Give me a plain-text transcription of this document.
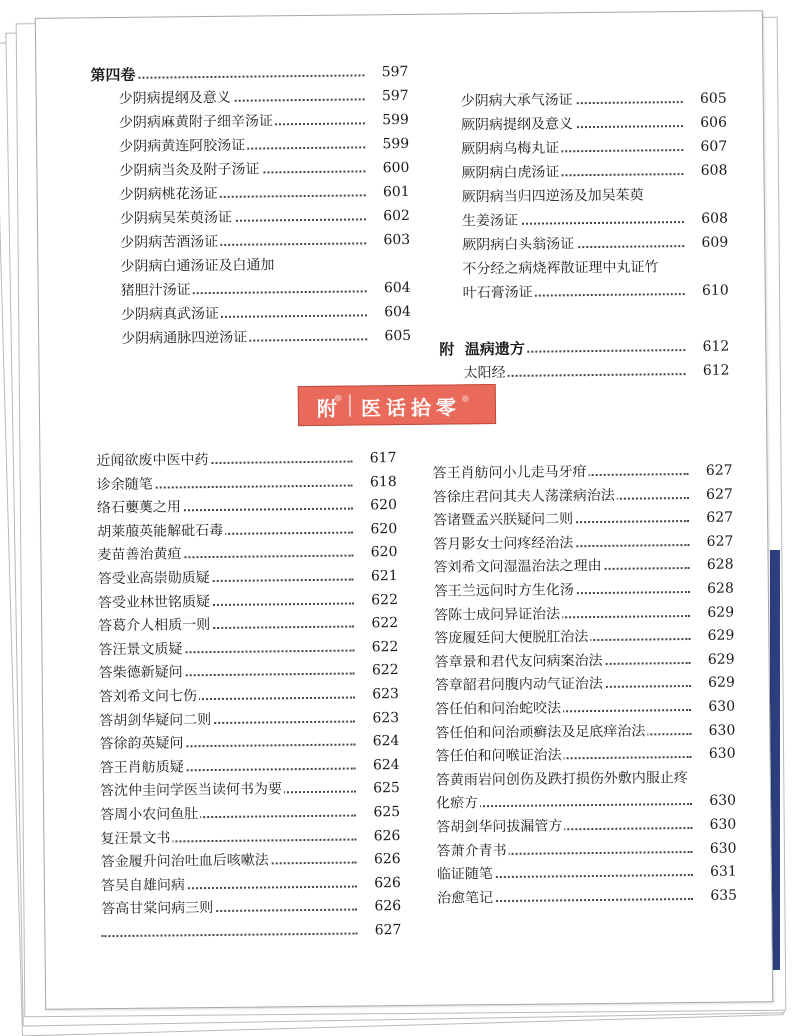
第四卷	597
少阴病提纲及意义	597
少阴病麻黄附子细辛汤证	599
少阴病黄连阿胶汤证	599
少阴病当灸及附子汤证	600
少阴病桃花汤证	601
少阴病吴茱萸汤证	602
少阴病苦酒汤证	603
少阴病白通汤证及白通加
猪胆汁汤证	604
少阴病真武汤证	604
少阴病通脉四逆汤证	605
少阴病大承气汤证	605
厥阴病提纲及意义	606
厥阴病乌梅丸证	607
厥阴病白虎汤证	608
厥阴病当归四逆汤及加吴茱萸
生姜汤证	608
厥阴病白头翁汤证	609
不分经之病烧裈散证理中丸证竹
叶石膏汤证	610
附 温病遗方	612
太阳经	612
附 医话拾零
近闻欲废中医中药	617
诊余随笔	618
络石蘡薁之用	620
胡莱菔英能解砒石毒	620
麦苗善治黄疸	620
答受业高崇勋质疑	621
答受业林世铭质疑	622
答葛介人相质一则	622
答汪景文质疑	622
答柴德新疑问	622
答刘希文问七伤	623
答胡剑华疑问二则	623
答徐韵英疑问	624
答王肖舫质疑	624
答沈仲圭问学医当读何书为要	625
答周小农问鱼肚	625
复汪景文书	626
答金履升问治吐血后咳嗽法	626
答吴自雄问病	626
答高甘棠问病三则	626
627
答王肖舫问小儿走马牙疳	627
答徐庄君问其夫人荡漾病治法	627
答诸暨孟兴朕疑问二则	627
答月影女士问疼经治法	627
答刘希文问湿温治法之理由	628
答王兰远问时方生化汤	628
答陈士成问异证治法	629
答庞履廷问大便脱肛治法	629
答章景和君代友问病案治法	629
答章韶君问腹内动气证治法	629
答任伯和问治蛇咬法	630
答任伯和问治顽癣法及足底痒治法	630
答任伯和问喉证治法	630
答黄雨岩问创伤及跌打损伤外敷内服止疼
化瘀方	630
答胡剑华问拔漏管方	630
答萧介青书	630
临证随笔	631
治愈笔记	635
